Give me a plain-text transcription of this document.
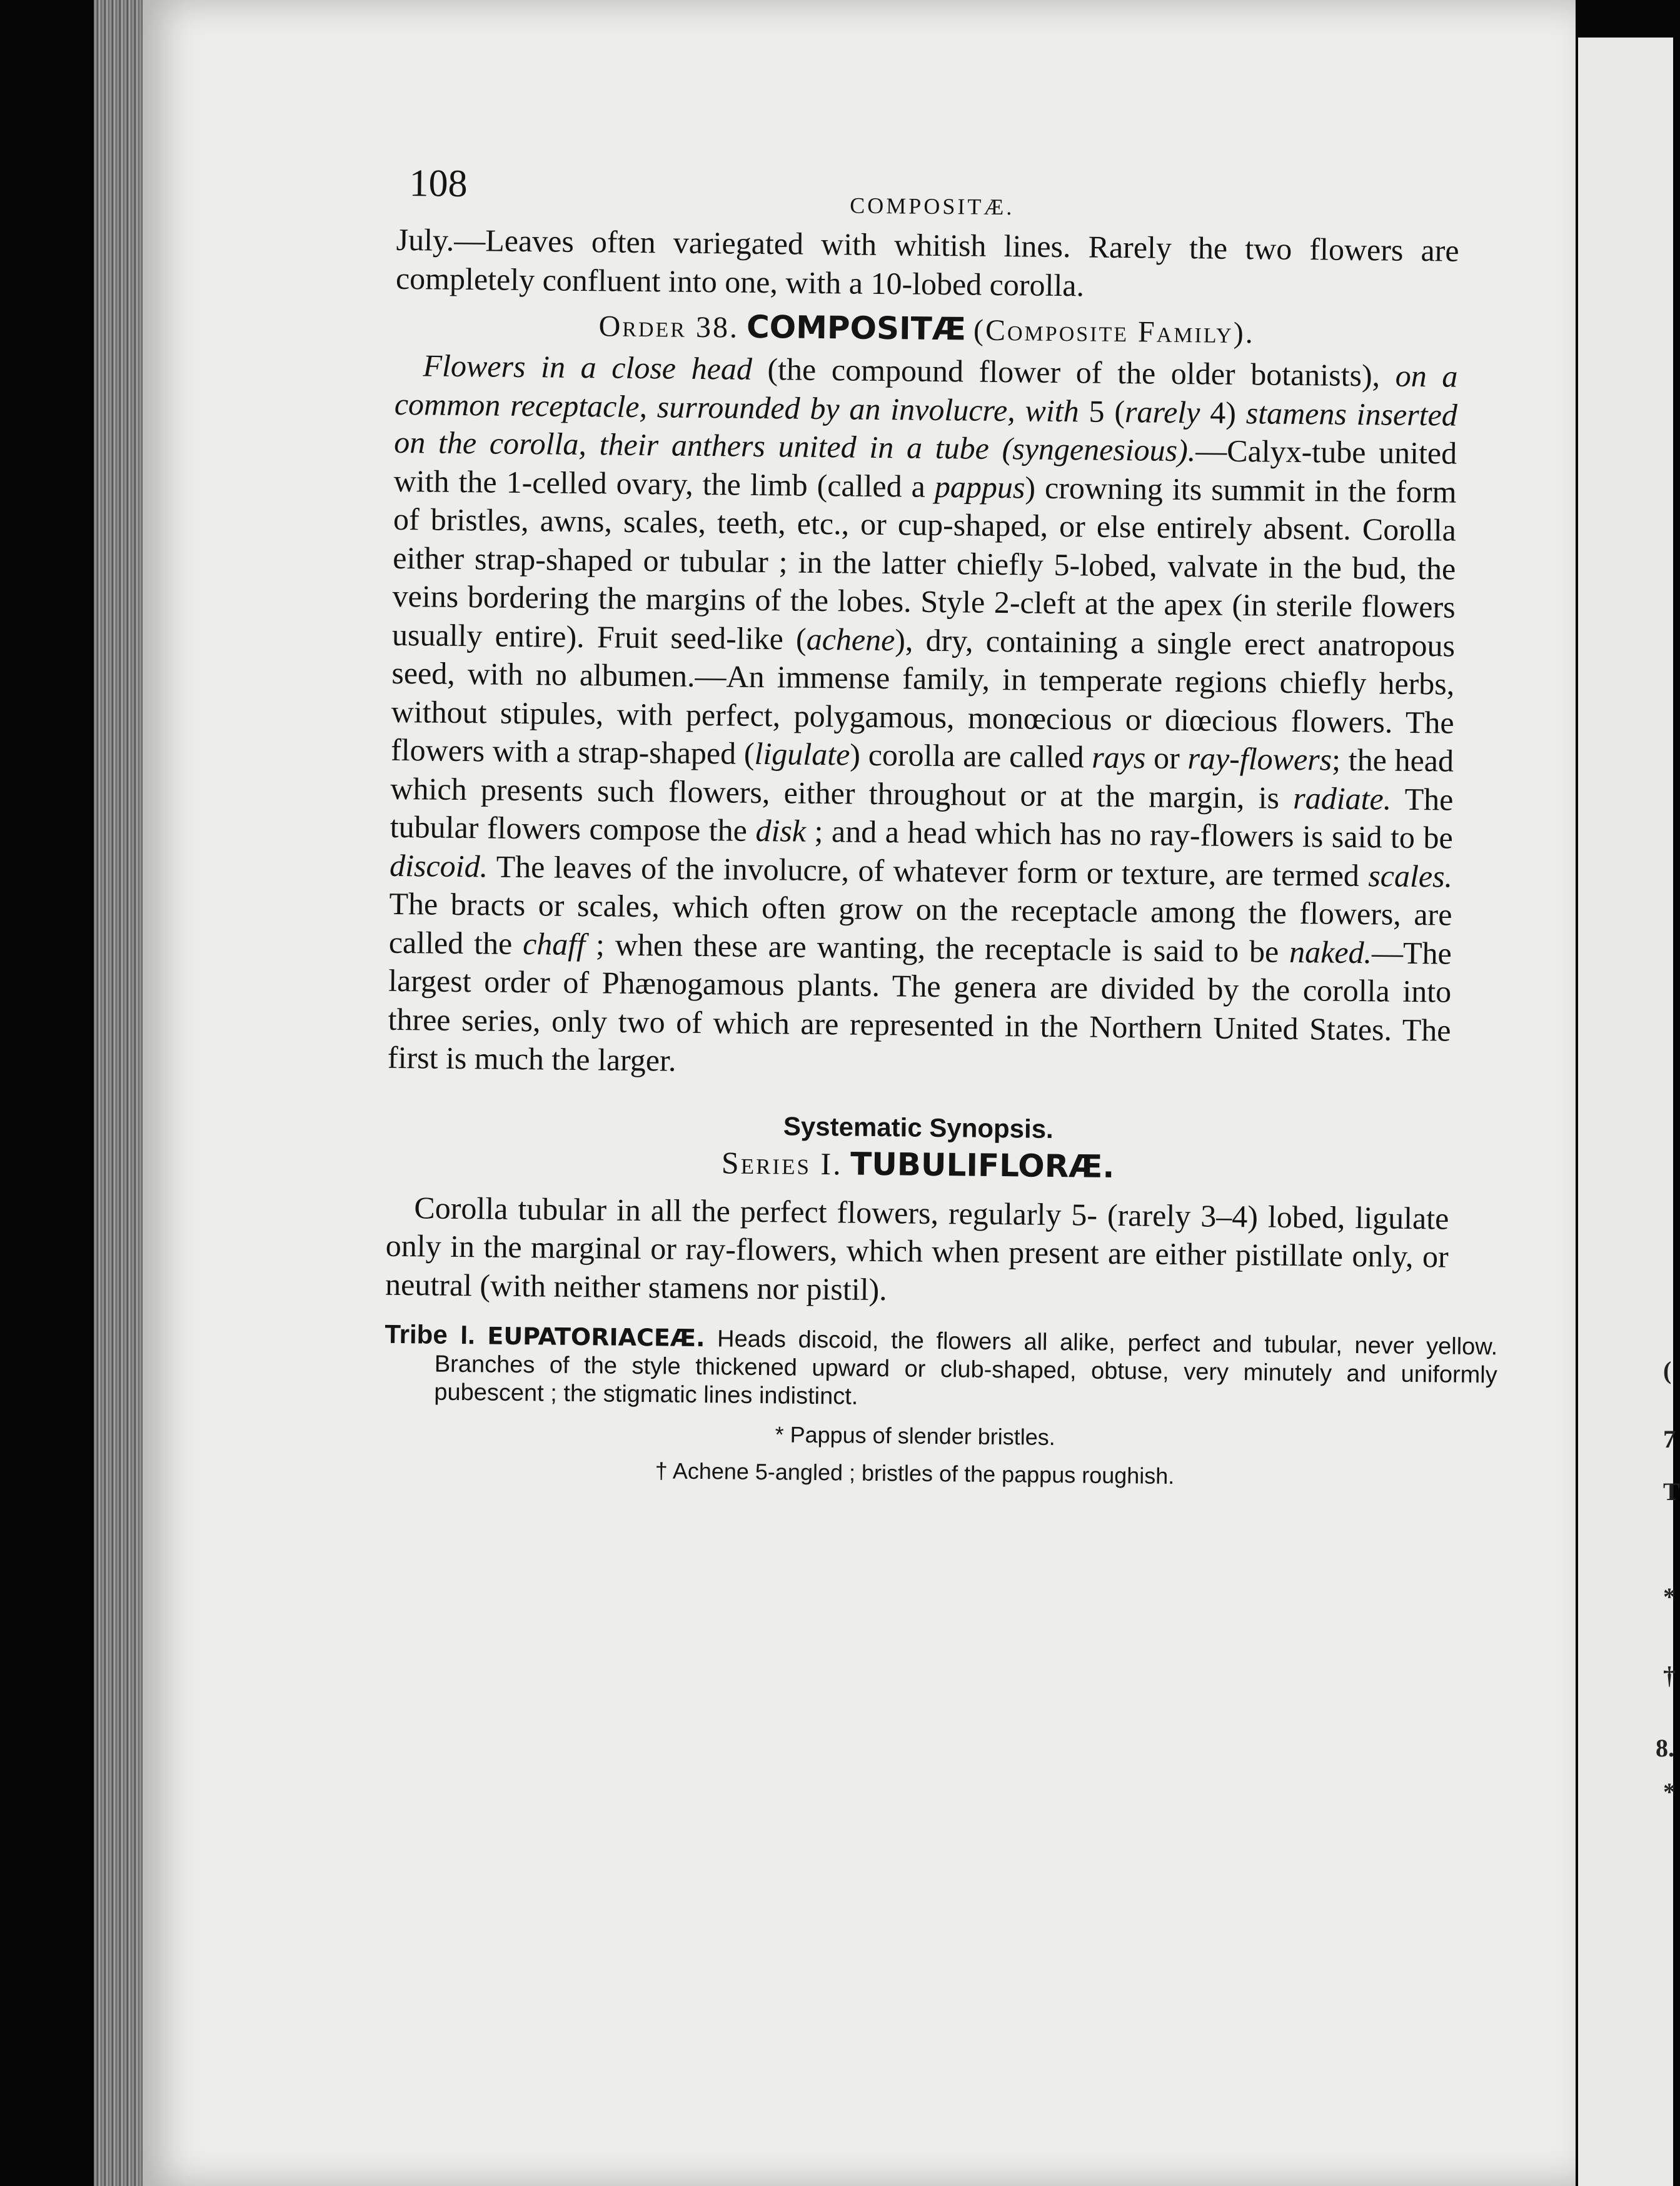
(
7
T
*
†
8.
*
108
COMPOSITÆ.

July.—Leaves often variegated with whitish lines. Rarely the two flowers are completely confluent into one, with a 10-lobed corolla.

Order 38. COMPOSITÆ (Composite Family).

Flowers in a close head (the compound flower of the older botanists), on a common receptacle, surrounded by an involucre, with 5 (rarely 4) stamens inserted on the corolla, their anthers united in a tube (syngenesious).—Calyx-tube united with the 1-celled ovary, the limb (called a pappus) crowning its summit in the form of bristles, awns, scales, teeth, etc., or cup-shaped, or else entirely absent. Corolla either strap-shaped or tubular ; in the latter chiefly 5-lobed, valvate in the bud, the veins bordering the margins of the lobes. Style 2-cleft at the apex (in sterile flowers usually entire). Fruit seed-like (achene), dry, containing a single erect anatropous seed, with no albumen.—An immense family, in temperate regions chiefly herbs, without stipules, with perfect, polygamous, monœcious or diœcious flowers. The flowers with a strap-shaped (ligulate) corolla are called rays or ray-flowers; the head which presents such flowers, either throughout or at the margin, is radiate. The tubular flowers compose the disk ; and a head which has no ray-flowers is said to be discoid. The leaves of the involucre, of whatever form or texture, are termed scales. The bracts or scales, which often grow on the receptacle among the flowers, are called the chaff ; when these are wanting, the receptacle is said to be naked.—The largest order of Phænogamous plants. The genera are divided by the corolla into three series, only two of which are represented in the Northern United States. The first is much the larger.

Systematic Synopsis.
Series I. TUBULIFLORÆ.

Corolla tubular in all the perfect flowers, regularly 5- (rarely 3–4) lobed, ligulate only in the marginal or ray-flowers, which when present are either pistillate only, or neutral (with neither stamens nor pistil).

Tribe I. EUPATORIACEÆ. Heads discoid, the flowers all alike, perfect and tubular, never yellow. Branches of the style thickened upward or club-shaped, obtuse, very minutely and uniformly pubescent ; the stigmatic lines indistinct.

* Pappus of slender bristles.

† Achene 5-angled ; bristles of the pappus roughish.
